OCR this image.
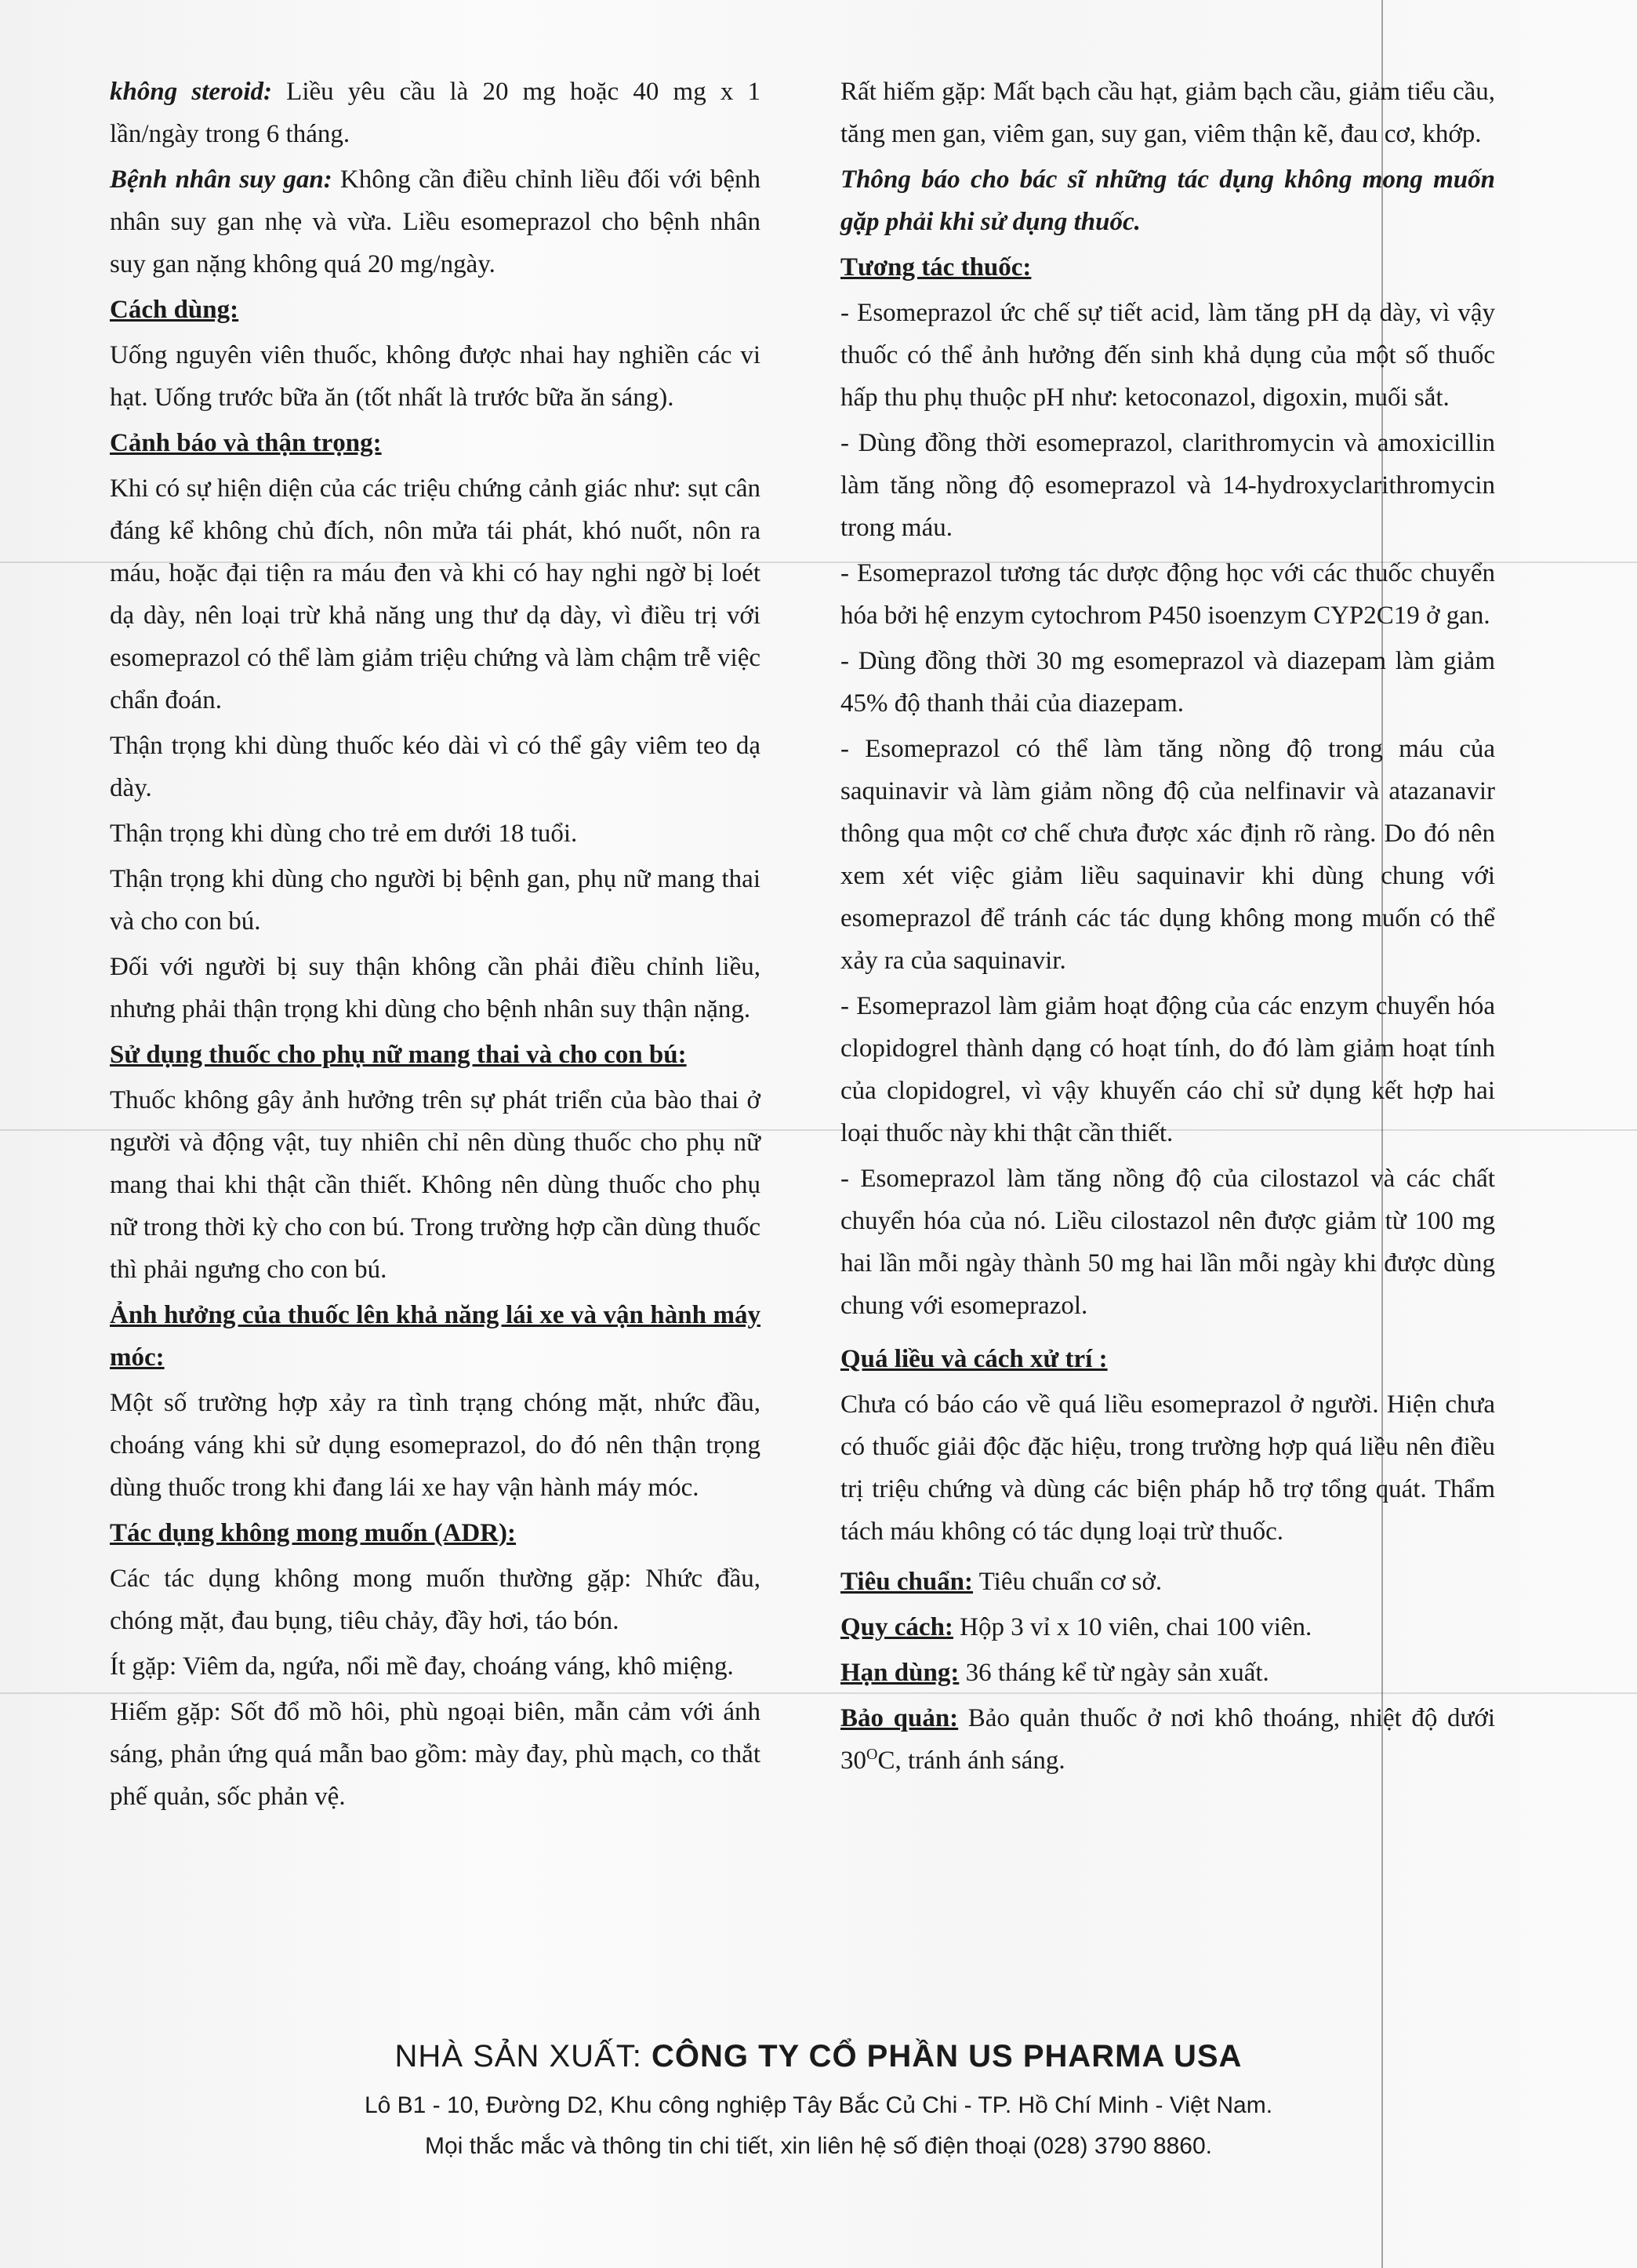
không steroid: Liều yêu cầu là 20 mg hoặc 40 mg x 1 lần/ngày trong 6 tháng.

Bệnh nhân suy gan: Không cần điều chỉnh liều đối với bệnh nhân suy gan nhẹ và vừa. Liều esomeprazol cho bệnh nhân suy gan nặng không quá 20 mg/ngày.

Cách dùng:

Uống nguyên viên thuốc, không được nhai hay nghiền các vi hạt. Uống trước bữa ăn (tốt nhất là trước bữa ăn sáng).

Cảnh báo và thận trọng:

Khi có sự hiện diện của các triệu chứng cảnh giác như: sụt cân đáng kể không chủ đích, nôn mửa tái phát, khó nuốt, nôn ra máu, hoặc đại tiện ra máu đen và khi có hay nghi ngờ bị loét dạ dày, nên loại trừ khả năng ung thư dạ dày, vì điều trị với esomeprazol có thể làm giảm triệu chứng và làm chậm trễ việc chẩn đoán.

Thận trọng khi dùng thuốc kéo dài vì có thể gây viêm teo dạ dày.

Thận trọng khi dùng cho trẻ em dưới 18 tuổi.

Thận trọng khi dùng cho người bị bệnh gan, phụ nữ mang thai và cho con bú.

Đối với người bị suy thận không cần phải điều chỉnh liều, nhưng phải thận trọng khi dùng cho bệnh nhân suy thận nặng.

Sử dụng thuốc cho phụ nữ mang thai và cho con bú:

Thuốc không gây ảnh hưởng trên sự phát triển của bào thai ở người và động vật, tuy nhiên chỉ nên dùng thuốc cho phụ nữ mang thai khi thật cần thiết. Không nên dùng thuốc cho phụ nữ trong thời kỳ cho con bú. Trong trường hợp cần dùng thuốc thì phải ngưng cho con bú.

Ảnh hưởng của thuốc lên khả năng lái xe và vận hành máy móc:

Một số trường hợp xảy ra tình trạng chóng mặt, nhức đầu, choáng váng khi sử dụng esomeprazol, do đó nên thận trọng dùng thuốc trong khi đang lái xe hay vận hành máy móc.

Tác dụng không mong muốn (ADR):

Các tác dụng không mong muốn thường gặp: Nhức đầu, chóng mặt, đau bụng, tiêu chảy, đầy hơi, táo bón.

Ít gặp: Viêm da, ngứa, nổi mề đay, choáng váng, khô miệng.

Hiếm gặp: Sốt đổ mồ hôi, phù ngoại biên, mẫn cảm với ánh sáng, phản ứng quá mẫn bao gồm: mày đay, phù mạch, co thắt phế quản, sốc phản vệ.

Rất hiếm gặp: Mất bạch cầu hạt, giảm bạch cầu, giảm tiểu cầu, tăng men gan, viêm gan, suy gan, viêm thận kẽ, đau cơ, khớp.

Thông báo cho bác sĩ những tác dụng không mong muốn gặp phải khi sử dụng thuốc.

Tương tác thuốc:

- Esomeprazol ức chế sự tiết acid, làm tăng pH dạ dày, vì vậy thuốc có thể ảnh hưởng đến sinh khả dụng của một số thuốc hấp thu phụ thuộc pH như: ketoconazol, digoxin, muối sắt.

- Dùng đồng thời esomeprazol, clarithromycin và amoxicillin làm tăng nồng độ esomeprazol và 14-hydroxyclarithromycin trong máu.

- Esomeprazol tương tác dược động học với các thuốc chuyển hóa bởi hệ enzym cytochrom P450 isoenzym CYP2C19 ở gan.

- Dùng đồng thời 30 mg esomeprazol và diazepam làm giảm 45% độ thanh thải của diazepam.

- Esomeprazol có thể làm tăng nồng độ trong máu của saquinavir và làm giảm nồng độ của nelfinavir và atazanavir thông qua một cơ chế chưa được xác định rõ ràng. Do đó nên xem xét việc giảm liều saquinavir khi dùng chung với esomeprazol để tránh các tác dụng không mong muốn có thể xảy ra của saquinavir.

- Esomeprazol làm giảm hoạt động của các enzym chuyển hóa clopidogrel thành dạng có hoạt tính, do đó làm giảm hoạt tính của clopidogrel, vì vậy khuyến cáo chỉ sử dụng kết hợp hai loại thuốc này khi thật cần thiết.

- Esomeprazol làm tăng nồng độ của cilostazol và các chất chuyển hóa của nó. Liều cilostazol nên được giảm từ 100 mg hai lần mỗi ngày thành 50 mg hai lần mỗi ngày khi được dùng chung với esomeprazol.

Quá liều và cách xử trí :

Chưa có báo cáo về quá liều esomeprazol ở người. Hiện chưa có thuốc giải độc đặc hiệu, trong trường hợp quá liều nên điều trị triệu chứng và dùng các biện pháp hỗ trợ tổng quát. Thẩm tách máu không có tác dụng loại trừ thuốc.

Tiêu chuẩn: Tiêu chuẩn cơ sở.

Quy cách: Hộp 3 vỉ x 10 viên, chai 100 viên.

Hạn dùng: 36 tháng kể từ ngày sản xuất.

Bảo quản: Bảo quản thuốc ở nơi khô thoáng, nhiệt độ dưới $30^OC$, tránh ánh sáng.

NHÀ SẢN XUẤT: CÔNG TY CỔ PHẦN US PHARMA USA
Lô B1 - 10, Đường D2, Khu công nghiệp Tây Bắc Củ Chi - TP. Hồ Chí Minh - Việt Nam.
Mọi thắc mắc và thông tin chi tiết, xin liên hệ số điện thoại (028) 3790 8860.
